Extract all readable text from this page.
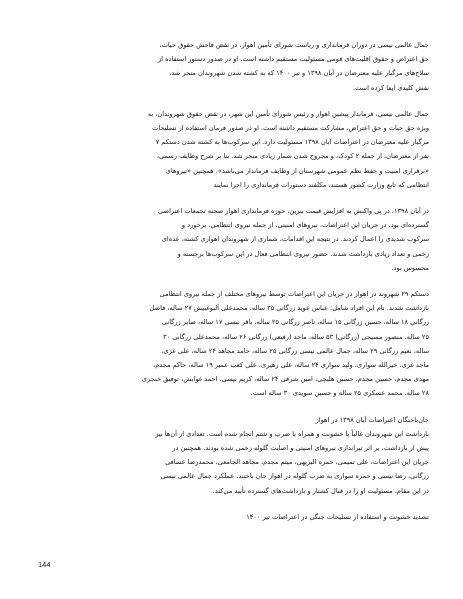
جمال عالمی نیسی در دوران فرمانداری و ریاست شورای تأمین اهواز، در نقض فاحش حقوق حیات،
حق اعتراض و حقوق اقلیت‌های قومی مسئولیت مستقیم داشته است. او در صدور دستور استفاده از
سلاح‌های مرگبار علیه معترضان در آبان ۱۳۹۸ و تیر ۱۴۰۰ که به کشته شدن شهروندان منجر شد،
نقش کلیدی ایفا کرده است.
جمال عالمی نیسی، فرماندار پیشین اهواز و رئیس شورای تأمین این شهر، در نقض حقوق شهروندان، به
ویژه حق حیات و حق اعتراض، مشارکت مستقیم داشته است. او در صدور فرمان استفاده از تسلیحات
مرگبار علیه معترضان در اعتراضات آبان ۱۳۹۸ مسئولیت دارد. این سرکوب‌ها به کشته شدن دستکم ۷
نفر از معترضان، از جمله ۲ کودک، و مجروح شدن شمار زیادی منجر شد. بنا بر شرح وظایف رسمی،
«برقراری امنیت و حفظ نظم عمومی شهرستان از وظایف فرماندار می‌باشد». همچنین «نیروهای
انتظامی که تابع وزارت کشور هستند، مکلفند دستورات فرمانداری را اجرا نمایند
در آبان ۱۳۹۸، در پی واکنش به افزایش قیمت بنزین، حوزه فرمانداری اهواز صحنه تجمعات اعتراضی
گسترده‌ای بود. در جریان این اعتراضات، نیروهای امنیتی، از جمله نیروی انتظامی، برخورد و
سرکوب شدیدی را اعمال کردند. در نتیجه این اقدامات، شماری از شهروندان اهوازی کشته، عده‌ای
زخمی و تعداد زیادی بازداشت شدند. حضور نیروی انتظامی فعال در این سرکوب‌ها برجسته و
محسوس بود.
دستکم ۲۹ شهروند در اهواز در جریان این اعتراضات توسط نیروهای مختلف از جمله نیروی انتظامی
بازداشت شدند. نام این افراد شامل: عباس عوید زرگانی ۳۵ ساله، محمدعلی آلبوغبیش ۲۷ ساله، فاضل
زرگانی ۱۸ ساله، حسین زرگانی ۱۵ ساله، ناصر زرگانی ۲۵ ساله، باقر نیسی ۱۷ ساله، صابر زرگانی
۲۵ ساله، منصور مسیحی (زرگانی) ۵۳ ساله، ماجد (رفیعی) زرگانی ۲۶ ساله، محمدعلی زرگانی ۳۰
ساله، نعیم زرگانی ۲۹ ساله، جمال عالمی نیسی زرگانی ۲۵ ساله، حامد مجاهد ۲۴ ساله، علی غزی،
ماجد غزی، خیرالله سواری، ولید سواری ۲۴ ساله، علی زهیری، علی کعب عمیر ۱۹ ساله، حاکم مجدم،
مهدی مجدم، حسین مجدم، حسین هلیچی، امین شرفی ۲۴ ساله، کریم نیسی، احمد غوابش، توفیق خنجری
۲۸ ساله، محمد عسکری ۲۵ ساله و حسین سویدی ۳۰ ساله است.
جان‌باختگان اعتراضات آبان ۱۳۹۸ در اهواز
بازداشت این شهروندان غالباً با خشونت و همراه با ضرب و شتم انجام شده است. تعدادی از آن‌ها نیز
پیش از بازداشت، بر اثر تیراندازی نیروهای امنیتی و اصابت گلوله زخمی شده بودند. همچنین در
جریان این اعتراضات، علی تمیمی، حمزه البریهی، میثم مجدم، مجاهد الجامعی، محمدرضا عسافی
زرگانی، رضا نیسی و حمزه سواری به ضرب گلوله در اهواز جان باختند. عملکرد جمال عالمی نیسی
در این مقام، مسئولیت او را در قبال کشتار و بازداشت‌های گسترده تأیید می‌کند.
تشدید خشونت و استفاده از تسلیحات جنگی در اعتراضات تیر ۱۴۰۰
144
